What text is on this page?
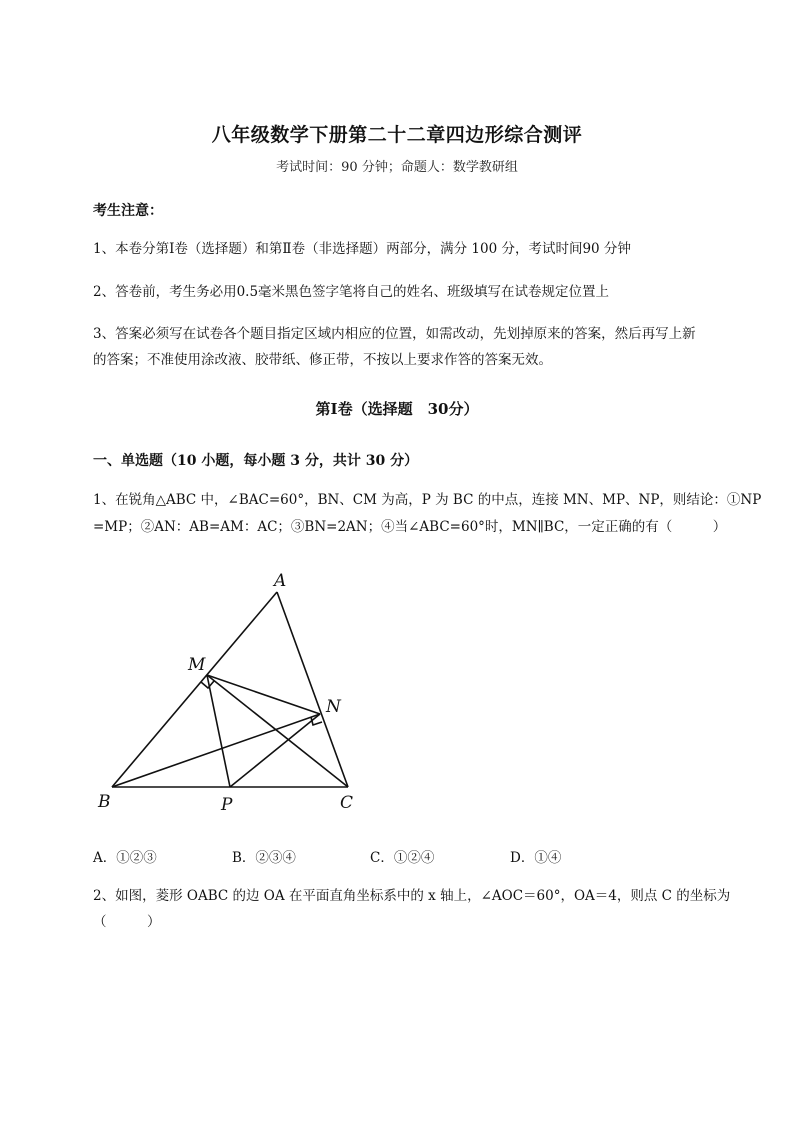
八年级数学下册第二十二章四边形综合测评
考试时间：90 分钟；命题人：数学教研组
考生注意：
1、本卷分第Ⅰ卷（选择题）和第Ⅱ卷（非选择题）两部分，满分 100 分，考试时间90 分钟
2、答卷前，考生务必用0.5毫米黑色签字笔将自己的姓名、班级填写在试卷规定位置上
3、答案必须写在试卷各个题目指定区域内相应的位置，如需改动，先划掉原来的答案，然后再写上新
的答案；不准使用涂改液、胶带纸、修正带，不按以上要求作答的答案无效。
第Ⅰ卷（选择题　30分）
一、单选题（10 小题，每小题 3 分，共计 30 分）
1、在锐角△ABC 中，∠BAC=60°，BN、CM 为高，P 为 BC 的中点，连接 MN、MP、NP，则结论：①NP
=MP；②AN：AB=AM：AC；③BN=2AN；④当∠ABC=60°时，MN∥BC，一定正确的有（　　　）
A
M
N
B	P	C
A．①②③	B．②③④	C．①②④	D．①④
2、如图，菱形 OABC 的边 OA 在平面直角坐标系中的 x 轴上，∠AOC＝60°，OA＝4，则点 C 的坐标为
（　　　）
